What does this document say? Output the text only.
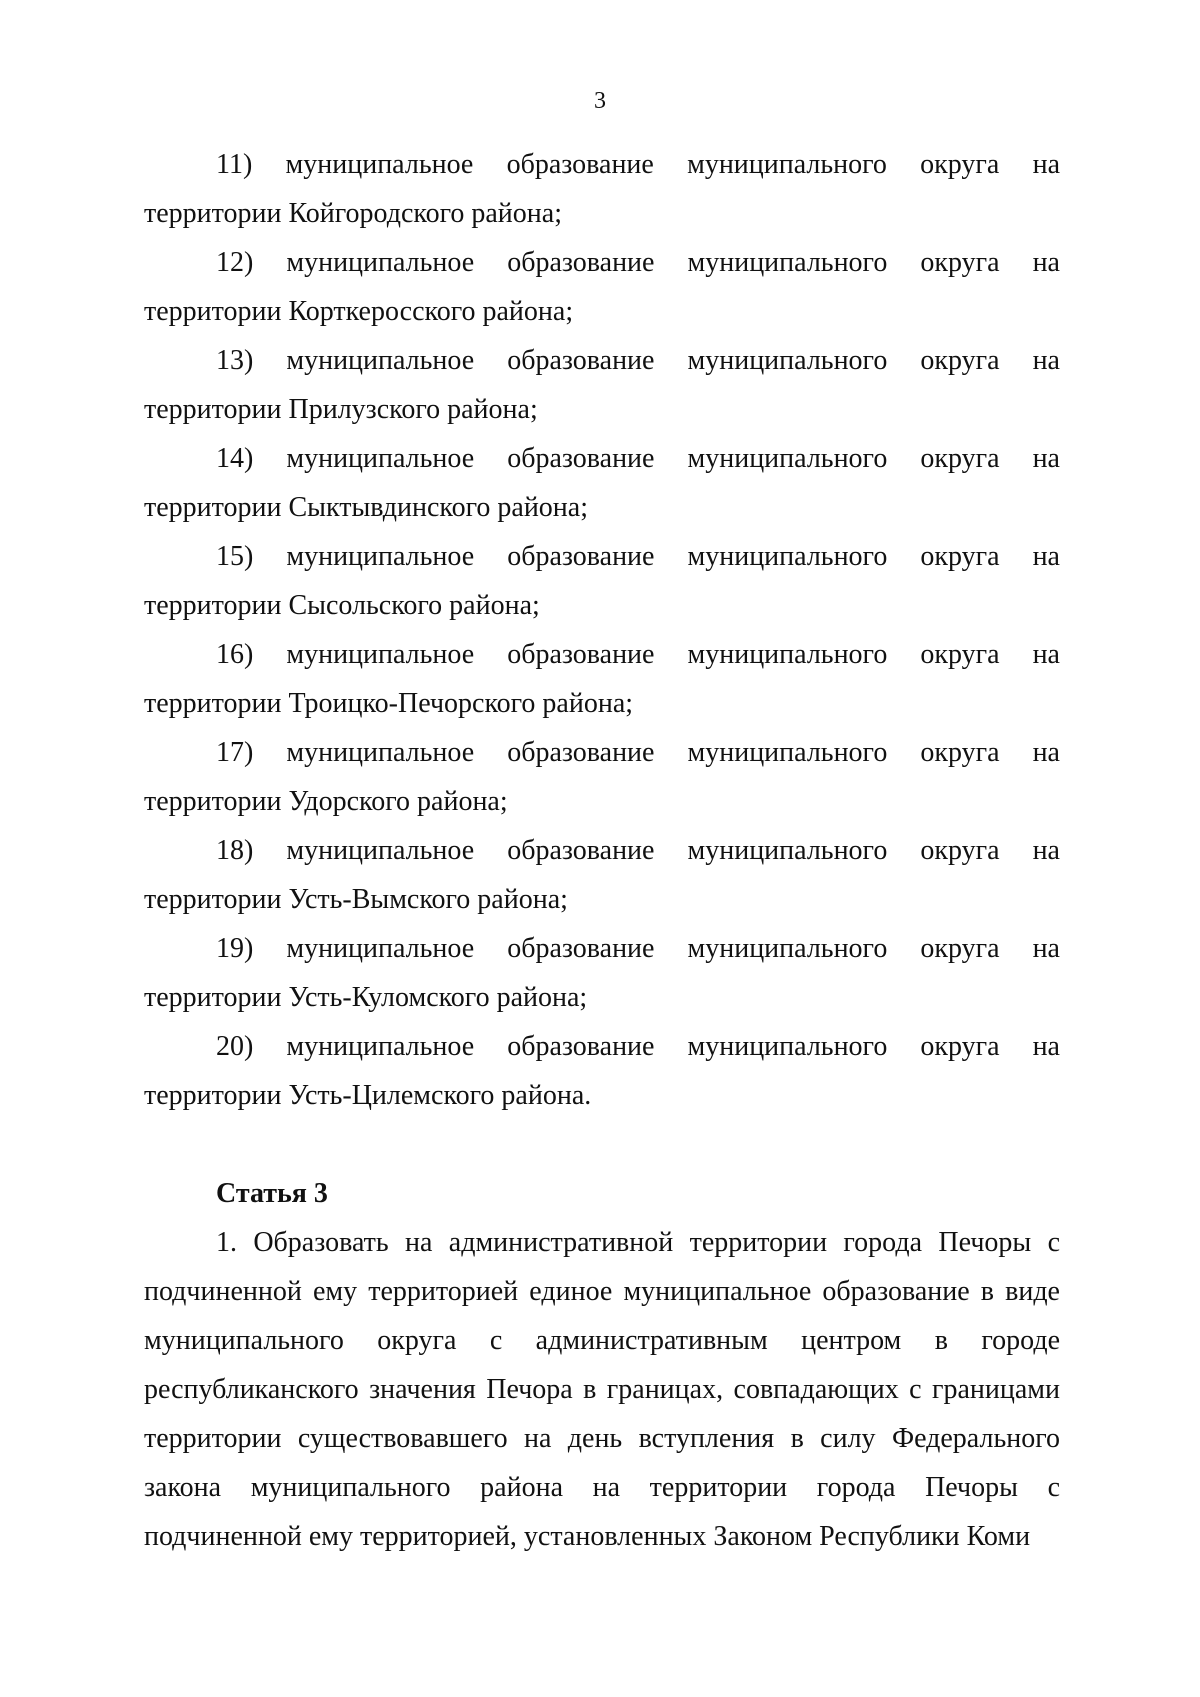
3

11) муниципальное образование муниципального округа на территории Койгородского района;

12) муниципальное образование муниципального округа на территории Корткеросского района;

13) муниципальное образование муниципального округа на территории Прилузского района;

14) муниципальное образование муниципального округа на территории Сыктывдинского района;

15) муниципальное образование муниципального округа на территории Сысольского района;

16) муниципальное образование муниципального округа на территории Троицко-Печорского района;

17) муниципальное образование муниципального округа на территории Удорского района;

18) муниципальное образование муниципального округа на территории Усть-Вымского района;

19) муниципальное образование муниципального округа на территории Усть-Куломского района;

20) муниципальное образование муниципального округа на территории Усть-Цилемского района.

Статья 3

1. Образовать на административной территории города Печоры с подчиненной ему территорией единое муниципальное образование в виде муниципального округа с административным центром в городе республиканского значения Печора в границах, совпадающих с границами территории существовавшего на день вступления в силу Федерального закона муниципального района на территории города Печоры с подчиненной ему территорией, установленных Законом Республики Коми
